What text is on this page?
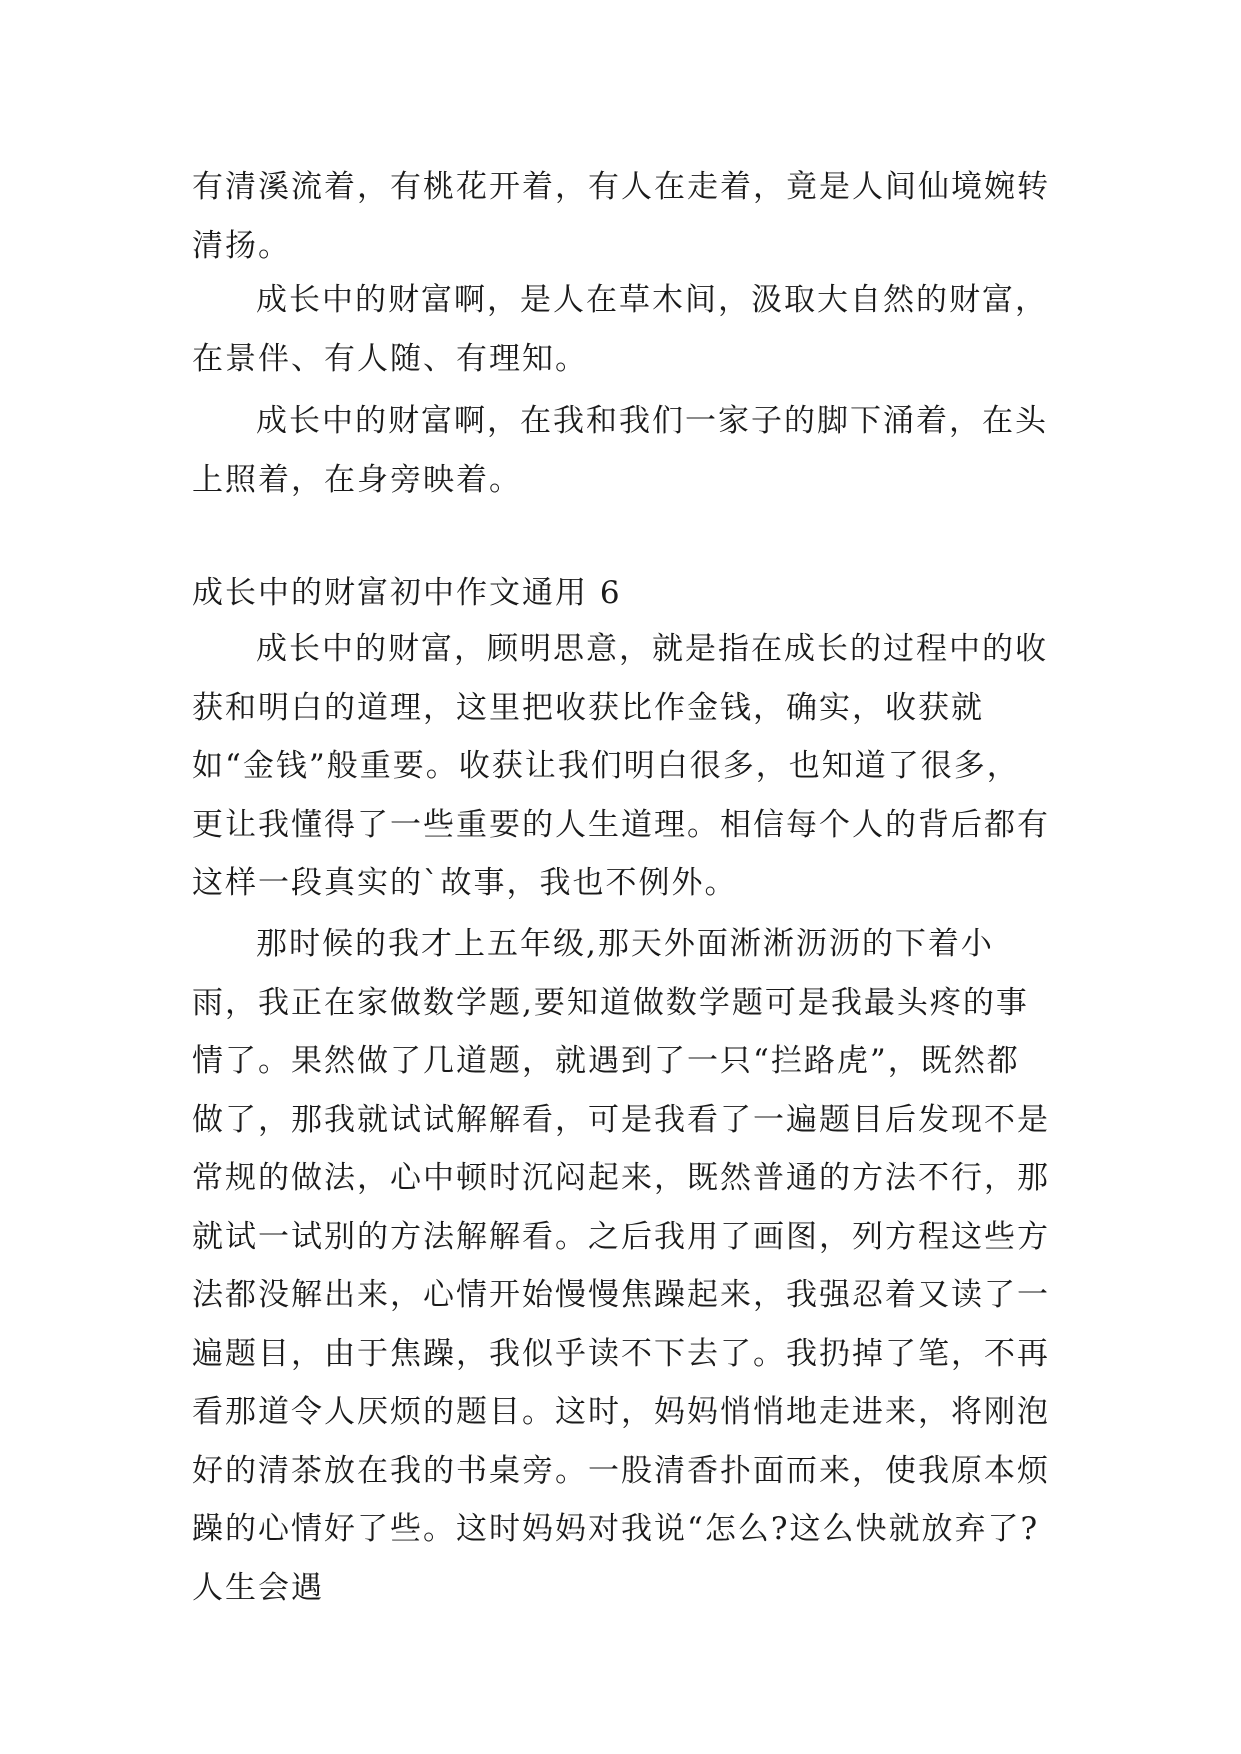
有清溪流着，有桃花开着，有人在走着，竟是人间仙境婉转清扬。

成长中的财富啊，是人在草木间，汲取大自然的财富，在景伴、有人随、有理知。

成长中的财富啊，在我和我们一家子的脚下涌着，在头上照着，在身旁映着。

成长中的财富初中作文通用 6

成长中的财富，顾明思意，就是指在成长的过程中的收获和明白的道理，这里把收获比作金钱，确实，收获就如“金钱”般重要。收获让我们明白很多，也知道了很多，更让我懂得了一些重要的人生道理。相信每个人的背后都有这样一段真实的`故事，我也不例外。

那时候的我才上五年级,那天外面淅淅沥沥的下着小雨，我正在家做数学题,要知道做数学题可是我最头疼的事情了。果然做了几道题，就遇到了一只“拦路虎”，既然都做了，那我就试试解解看，可是我看了一遍题目后发现不是常规的做法，心中顿时沉闷起来，既然普通的方法不行，那就试一试别的方法解解看。之后我用了画图，列方程这些方法都没解出来，心情开始慢慢焦躁起来，我强忍着又读了一遍题目，由于焦躁，我似乎读不下去了。我扔掉了笔，不再看那道令人厌烦的题目。这时，妈妈悄悄地走进来，将刚泡好的清茶放在我的书桌旁。一股清香扑面而来，使我原本烦躁的心情好了些。这时妈妈对我说“怎么?这么快就放弃了?人生会遇
